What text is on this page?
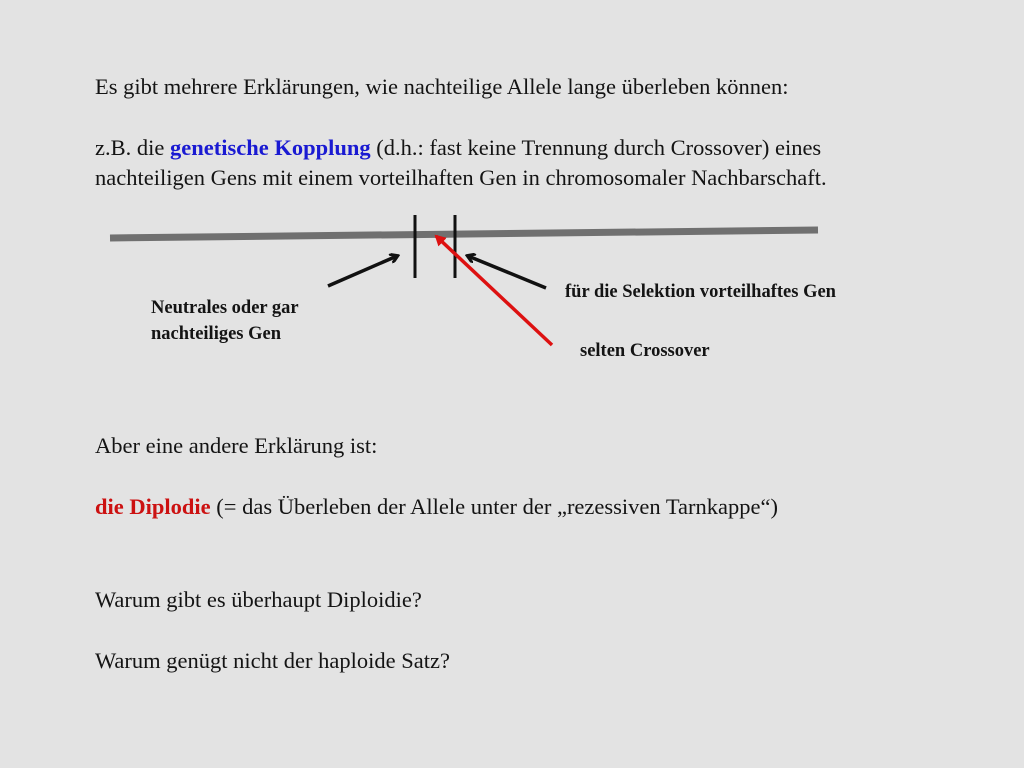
Es gibt mehrere Erklärungen, wie nachteilige Allele lange überleben können:

z.B. die genetische Kopplung (d.h.: fast keine Trennung durch Crossover) eines

nachteiligen Gens mit einem vorteilhaften Gen in chromosomaler Nachbarschaft.

Neutrales oder gar
nachteiliges Gen

für die Selektion vorteilhaftes Gen

selten Crossover

Aber eine andere Erklärung ist:

die Diplodie (= das Überleben der Allele unter der „rezessiven Tarnkappe“)

Warum gibt es überhaupt Diploidie?

Warum genügt nicht der haploide Satz?
